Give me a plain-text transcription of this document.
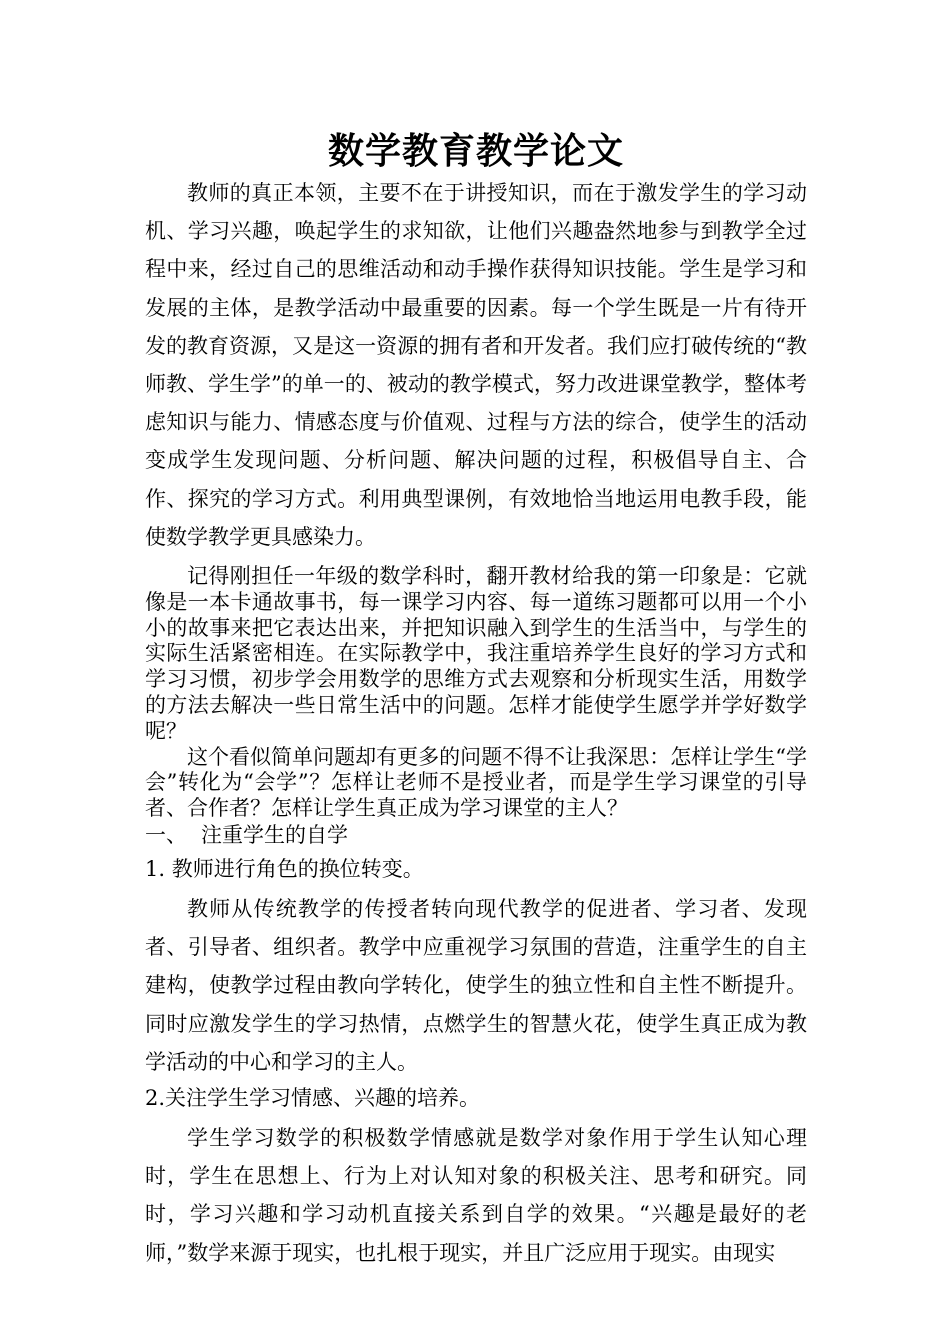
数学教育教学论文

教师的真正本领，主要不在于讲授知识，而在于激发学生的学习动机、学习兴趣，唤起学生的求知欲，让他们兴趣盎然地参与到教学全过程中来，经过自己的思维活动和动手操作获得知识技能。学生是学习和发展的主体，是教学活动中最重要的因素。每一个学生既是一片有待开发的教育资源，又是这一资源的拥有者和开发者。我们应打破传统的“教师教、学生学”的单一的、被动的教学模式，努力改进课堂教学，整体考虑知识与能力、情感态度与价值观、过程与方法的综合，使学生的活动变成学生发现问题、分析问题、解决问题的过程，积极倡导自主、合作、探究的学习方式。利用典型课例，有效地恰当地运用电教手段，能使数学教学更具感染力。

记得刚担任一年级的数学科时，翻开教材给我的第一印象是：它就像是一本卡通故事书，每一课学习内容、每一道练习题都可以用一个小小的故事来把它表达出来，并把知识融入到学生的生活当中，与学生的实际生活紧密相连。在实际教学中，我注重培养学生良好的学习方式和学习习惯，初步学会用数学的思维方式去观察和分析现实生活，用数学的方法去解决一些日常生活中的问题。怎样才能使学生愿学并学好数学呢？

这个看似简单问题却有更多的问题不得不让我深思：怎样让学生“学会”转化为“会学”？怎样让老师不是授业者，而是学生学习课堂的引导者、合作者？怎样让学生真正成为学习课堂的主人？

一、 注重学生的自学
1. 教师进行角色的换位转变。

教师从传统教学的传授者转向现代教学的促进者、学习者、发现者、引导者、组织者。教学中应重视学习氛围的营造，注重学生的自主建构，使教学过程由教向学转化，使学生的独立性和自主性不断提升。同时应激发学生的学习热情，点燃学生的智慧火花，使学生真正成为教学活动的中心和学习的主人。

2.关注学生学习情感、兴趣的培养。

学生学习数学的积极数学情感就是数学对象作用于学生认知心理时，学生在思想上、行为上对认知对象的积极关注、思考和研究。同时，学习兴趣和学习动机直接关系到自学的效果。“兴趣是最好的老师，”数学来源于现实，也扎根于现实，并且广泛应用于现实。由现实
